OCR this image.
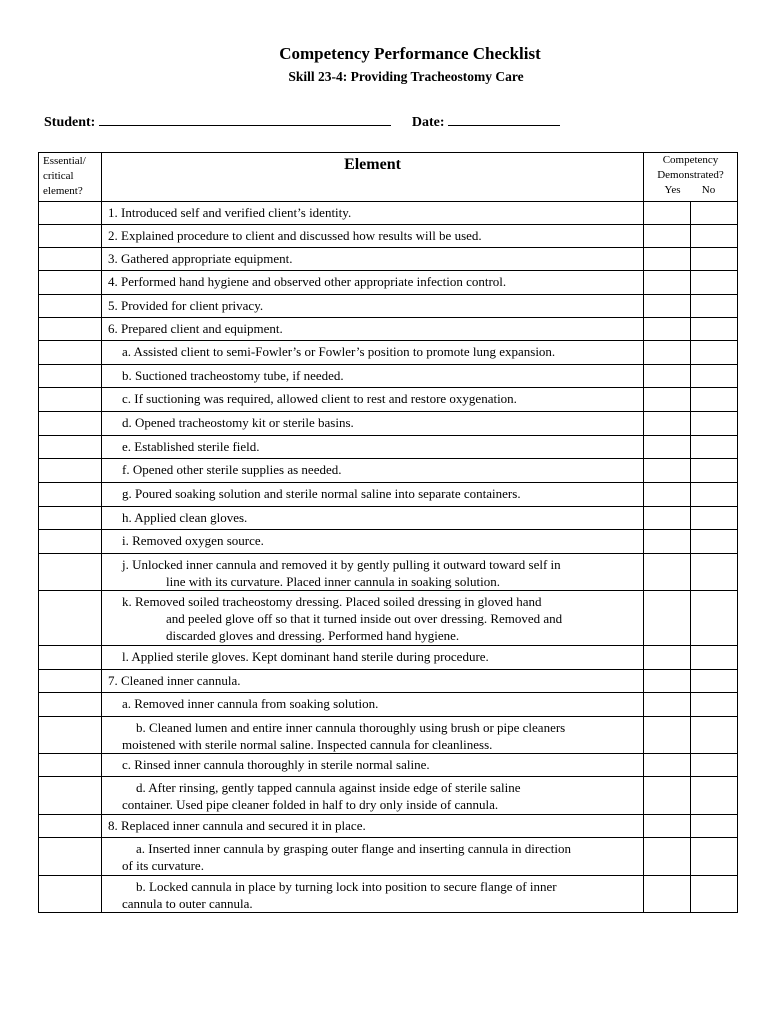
Competency Performance Checklist
Skill 23-4: Providing Tracheostomy Care
Student:	Date:
Essential/
critical
element?	Element	Competency
Demonstrated?
Yes No	

	1. Introduced self and verified client’s identity.		

	2. Explained procedure to client and discussed how results will be used.		

	3. Gathered appropriate equipment.		

	4. Performed hand hygiene and observed other appropriate infection control.		

	5. Provided for client privacy.		

	6. Prepared client and equipment.		

	a. Assisted client to semi-Fowler’s or Fowler’s position to promote lung expansion.		

	b. Suctioned tracheostomy tube, if needed.		

	c. If suctioning was required, allowed client to rest and restore oxygenation.		

	d. Opened tracheostomy kit or sterile basins.		

	e. Established sterile field.		

	f. Opened other sterile supplies as needed.		

	g. Poured soaking solution and sterile normal saline into separate containers.		

	h. Applied clean gloves.		

	i. Removed oxygen source.		

	j. Unlocked inner cannula and removed it by gently pulling it outward toward self in
line with its curvature. Placed inner cannula in soaking solution.		

	k. Removed soiled tracheostomy dressing. Placed soiled dressing in gloved hand
and peeled glove off so that it turned inside out over dressing. Removed and
discarded gloves and dressing. Performed hand hygiene.		

	l. Applied sterile gloves. Kept dominant hand sterile during procedure.		

	7. Cleaned inner cannula.		

	a. Removed inner cannula from soaking solution.		

	b. Cleaned lumen and entire inner cannula thoroughly using brush or pipe cleaners
moistened with sterile normal saline. Inspected cannula for cleanliness.		

	c. Rinsed inner cannula thoroughly in sterile normal saline.		

	d. After rinsing, gently tapped cannula against inside edge of sterile saline
container. Used pipe cleaner folded in half to dry only inside of cannula.		

	8. Replaced inner cannula and secured it in place.		

	a. Inserted inner cannula by grasping outer flange and inserting cannula in direction
of its curvature.		

	b. Locked cannula in place by turning lock into position to secure flange of inner
cannula to outer cannula.		
